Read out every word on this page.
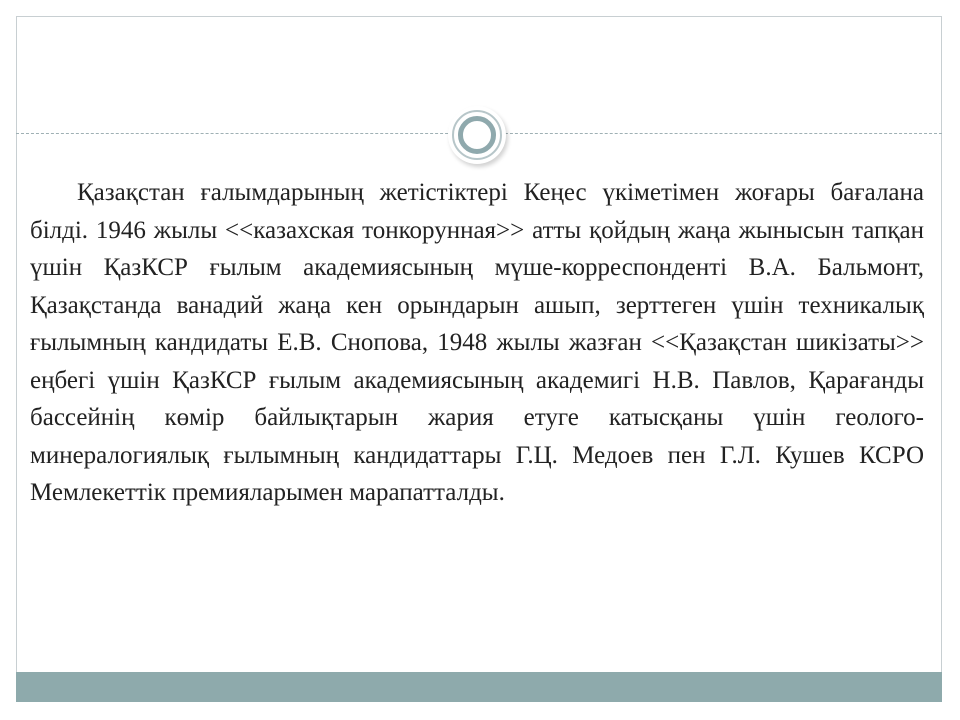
Қазақстан ғалымдарының жетістіктері Кеңес үкіметімен жоғары бағалана білді. 1946 жылы <<казахская тонкорунная>> атты қойдың жаңа жынысын тапқан үшін ҚазКСР ғылым академиясының мүше-корреспонденті В.А. Бальмонт, Қазақстанда ванадий жаңа кен орындарын ашып, зерттеген үшін техникалық ғылымның кандидаты Е.В. Снопова, 1948 жылы жазған <<Қазақстан шикізаты>> еңбегі үшін ҚазКСР ғылым академиясының академигі Н.В. Павлов, Қарағанды бассейнің көмір байлықтарын жария етуге катысқаны үшін геолого-минералогиялық ғылымның кандидаттары Г.Ц. Медоев пен Г.Л. Кушев КСРО Мемлекеттік премияларымен марапатталды.
